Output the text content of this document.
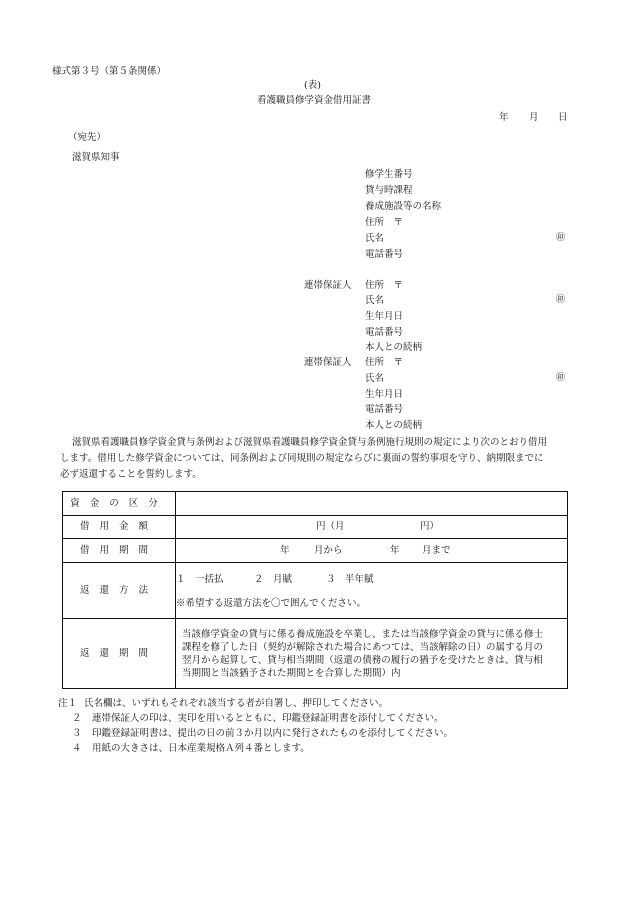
様式第３号（第５条関係）
(表)
看護職員修学資金借用証書
年 月 日
（宛先）
滋賀県知事
修学生番号
貸与時課程
養成施設等の名称
住所　〒
氏名	㊞
電話番号
連帯保証人 住所　〒
氏名	㊞
生年月日
電話番号
本人との続柄
連帯保証人 住所　〒
氏名	㊞
生年月日
電話番号
本人との続柄
滋賀県看護職員修学資金貸与条例および滋賀県看護職員修学資金貸与条例施行規則の規定により次のとおり借用
します。借用した修学資金については、同条例および同規則の規定ならびに裏面の誓約事項を守り、納期限までに
必ず返還することを誓約します。
資金の区分	
借用金額	円（月 円）

借用期間	年 月から 年 月まで

返還方法	１　一括払 ２　月賦 ３　半年賦
※希望する返還方法を〇で囲んでください。

返還期間	当該修学資金の貸与に係る養成施設を卒業し、または当該修学資金の貸与に係る修士
課程を修了した日（契約が解除された場合にあつては、当該解除の日）の属する月の
翌月から起算して、貸与相当期間（返還の債務の履行の猶予を受けたときは、貸与相
当期間と当該猶予された期間とを合算した期間）内
注１ 氏名欄は、いずれもそれぞれ該当する者が自署し、押印してください。
２ 連帯保証人の印は、実印を用いるとともに、印鑑登録証明書を添付してください。
３ 印鑑登録証明書は、提出の日の前３か月以内に発行されたものを添付してください。
４ 用紙の大きさは、日本産業規格Ａ列４番とします。
